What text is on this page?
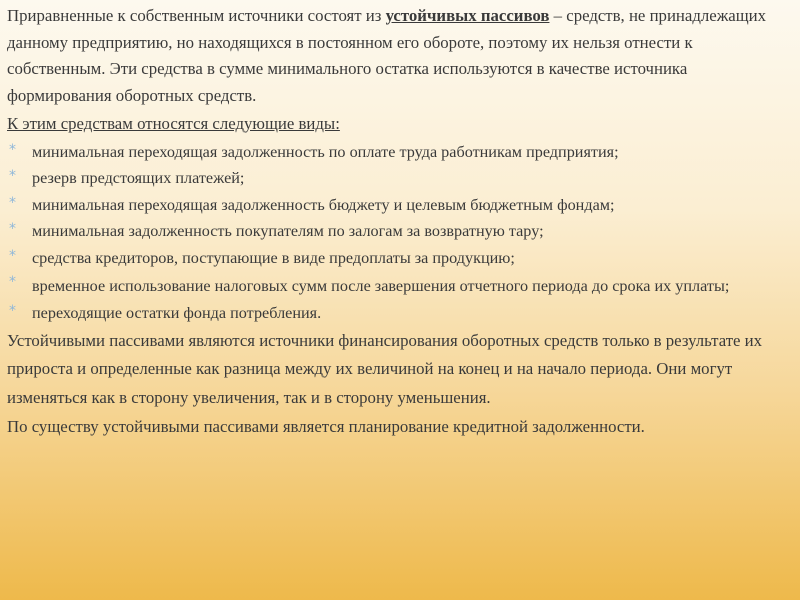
Приравненные к собственным источники состоят из устойчивых пассивов – средств, не принадлежащих данному предприятию, но находящихся в постоянном его обороте, поэтому их нельзя отнести к собственным. Эти средства в сумме минимального остатка используются в качестве источника формирования оборотных средств.

К этим средствам относятся следующие виды:

* минимальная переходящая задолженность по оплате труда работникам предприятия;
* резерв предстоящих платежей;
* минимальная переходящая задолженность бюджету и целевым бюджетным фондам;
* минимальная задолженность покупателям по залогам за возвратную тару;
* средства кредиторов, поступающие в виде предоплаты за продукцию;
* временное использование налоговых сумм после завершения отчетного периода до срока их уплаты;
* переходящие остатки фонда потребления.

Устойчивыми пассивами являются источники финансирования оборотных средств только в результате их прироста и определенные как разница между их величиной на конец и на начало периода. Они могут изменяться как в сторону увеличения, так и в сторону уменьшения.

По существу устойчивыми пассивами является планирование кредитной задолженности.
